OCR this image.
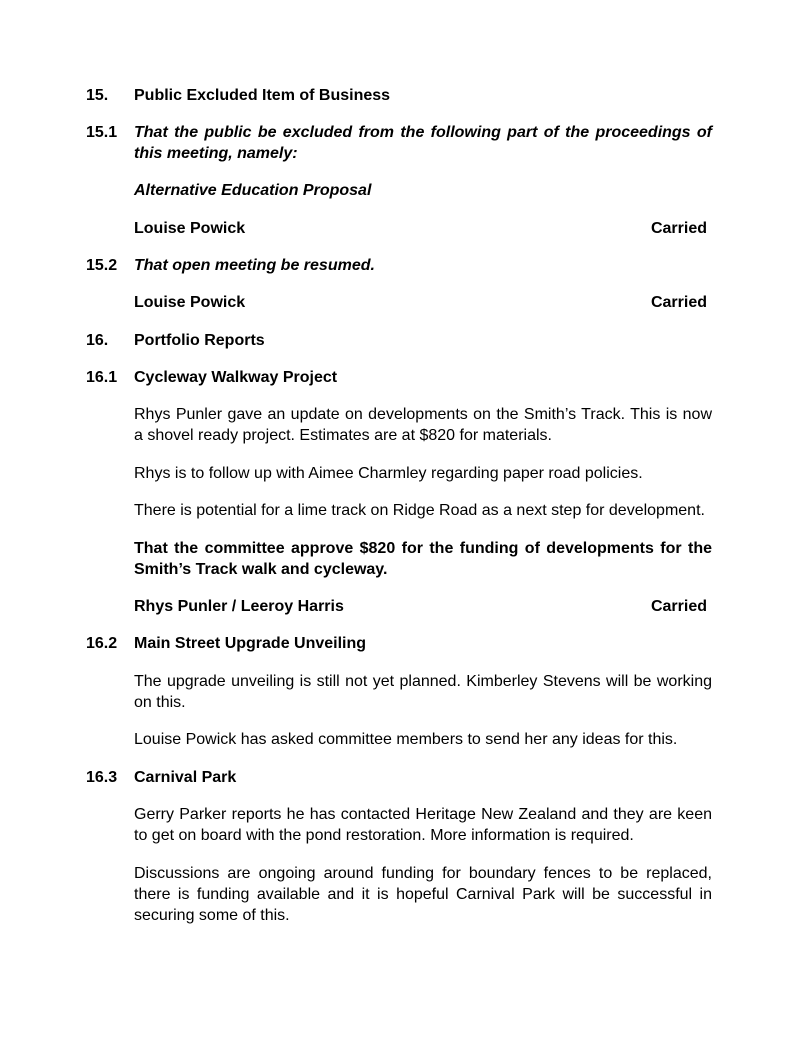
15. Public Excluded Item of Business

15.1 That the public be excluded from the following part of the proceedings of this meeting, namely:

Alternative Education Proposal

Louise Powick	Carried

15.2 That open meeting be resumed.

Louise Powick	Carried

16. Portfolio Reports

16.1 Cycleway Walkway Project

Rhys Punler gave an update on developments on the Smith’s Track. This is now a shovel ready project. Estimates are at $820 for materials.

Rhys is to follow up with Aimee Charmley regarding paper road policies.

There is potential for a lime track on Ridge Road as a next step for development.

That the committee approve $820 for the funding of developments for the Smith’s Track walk and cycleway.

Rhys Punler / Leeroy Harris	Carried

16.2 Main Street Upgrade Unveiling

The upgrade unveiling is still not yet planned. Kimberley Stevens will be working on this.

Louise Powick has asked committee members to send her any ideas for this.

16.3 Carnival Park

Gerry Parker reports he has contacted Heritage New Zealand and they are keen to get on board with the pond restoration. More information is required.

Discussions are ongoing around funding for boundary fences to be replaced, there is funding available and it is hopeful Carnival Park will be successful in securing some of this.
